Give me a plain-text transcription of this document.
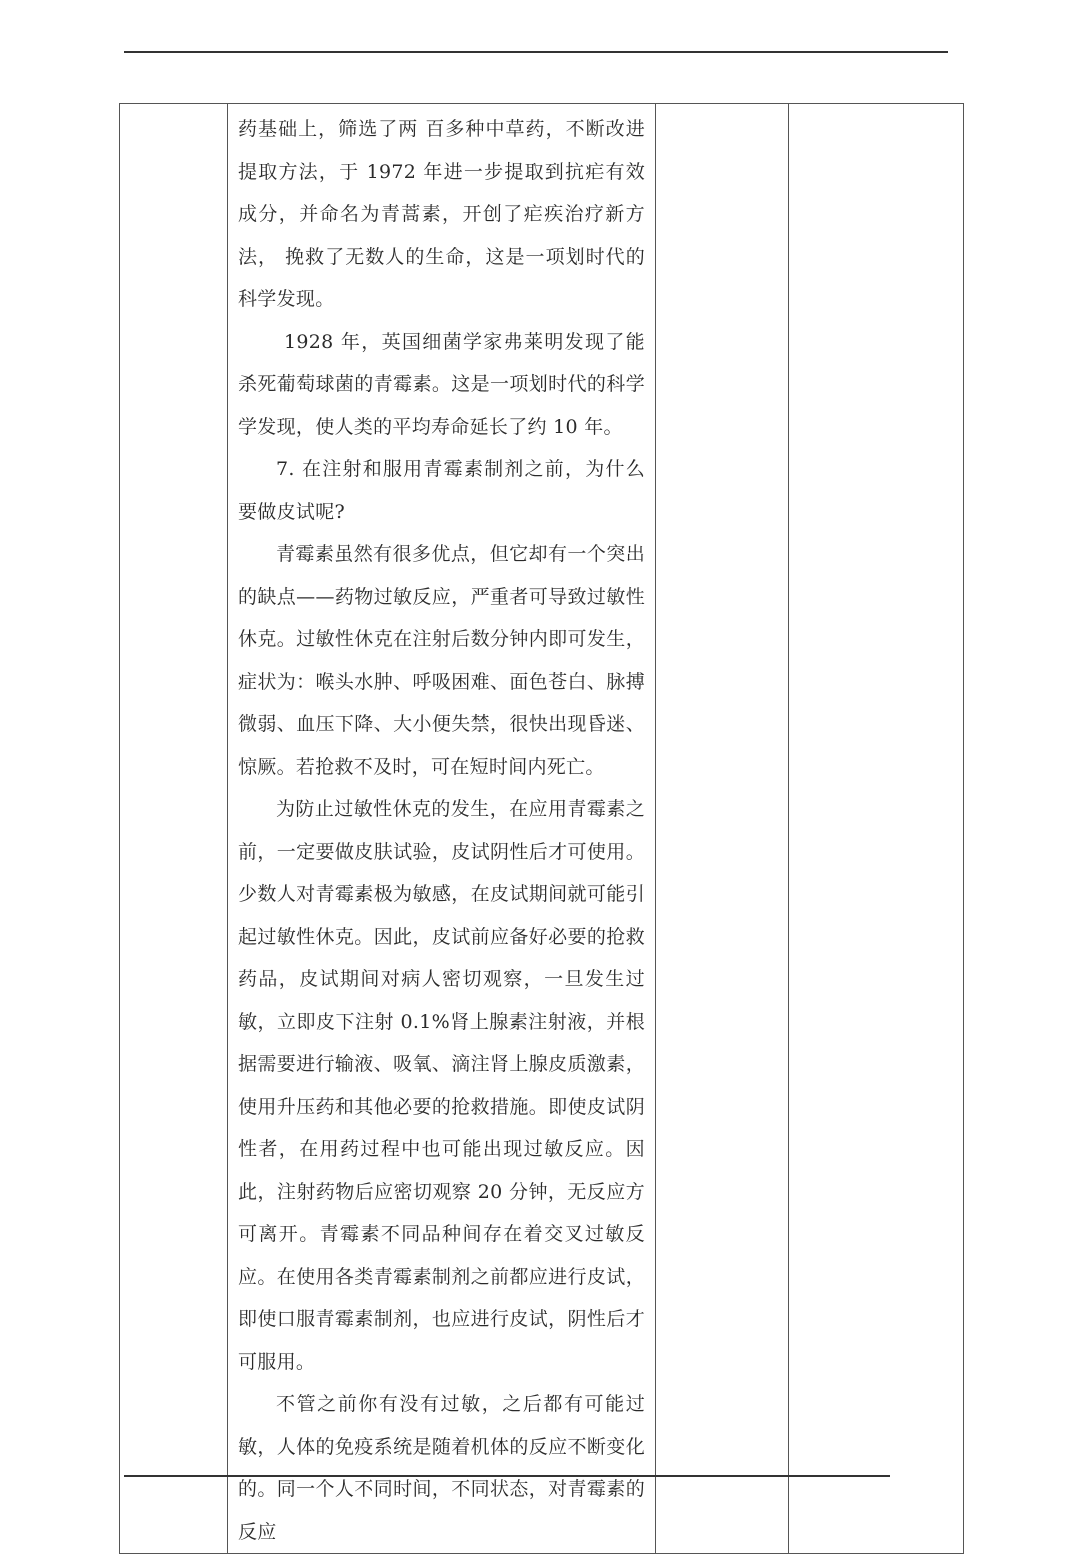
药基础上，筛选了两 百多种中草药，不断改进提取方法，于 1972 年进一步提取到抗疟有效成分，并命名为青蒿素，开创了疟疾治疗新方法， 挽救了无数人的生命，这是一项划时代的科学发现。

1928 年，英国细菌学家弗莱明发现了能杀死葡萄球菌的青霉素。这是一项划时代的科学学发现，使人类的平均寿命延长了约 10 年。

7. 在注射和服用青霉素制剂之前，为什么要做皮试呢?

青霉素虽然有很多优点，但它却有一个突出的缺点——药物过敏反应，严重者可导致过敏性休克。过敏性休克在注射后数分钟内即可发生，症状为：喉头水肿、呼吸困难、面色苍白、脉搏微弱、血压下降、大小便失禁，很快出现昏迷、惊厥。若抢救不及时，可在短时间内死亡。

为防止过敏性休克的发生，在应用青霉素之前，一定要做皮肤试验，皮试阴性后才可使用。少数人对青霉素极为敏感，在皮试期间就可能引起过敏性休克。因此，皮试前应备好必要的抢救药品，皮试期间对病人密切观察，一旦发生过敏，立即皮下注射 0.1%肾上腺素注射液，并根据需要进行输液、吸氧、滴注肾上腺皮质激素，使用升压药和其他必要的抢救措施。即使皮试阴性者，在用药过程中也可能出现过敏反应。因此，注射药物后应密切观察 20 分钟，无反应方可离开。青霉素不同品种间存在着交叉过敏反应。在使用各类青霉素制剂之前都应进行皮试，即使口服青霉素制剂，也应进行皮试，阴性后才可服用。

不管之前你有没有过敏，之后都有可能过敏，人体的免疫系统是随着机体的反应不断变化的。同一个人不同时间，不同状态，对青霉素的反应
